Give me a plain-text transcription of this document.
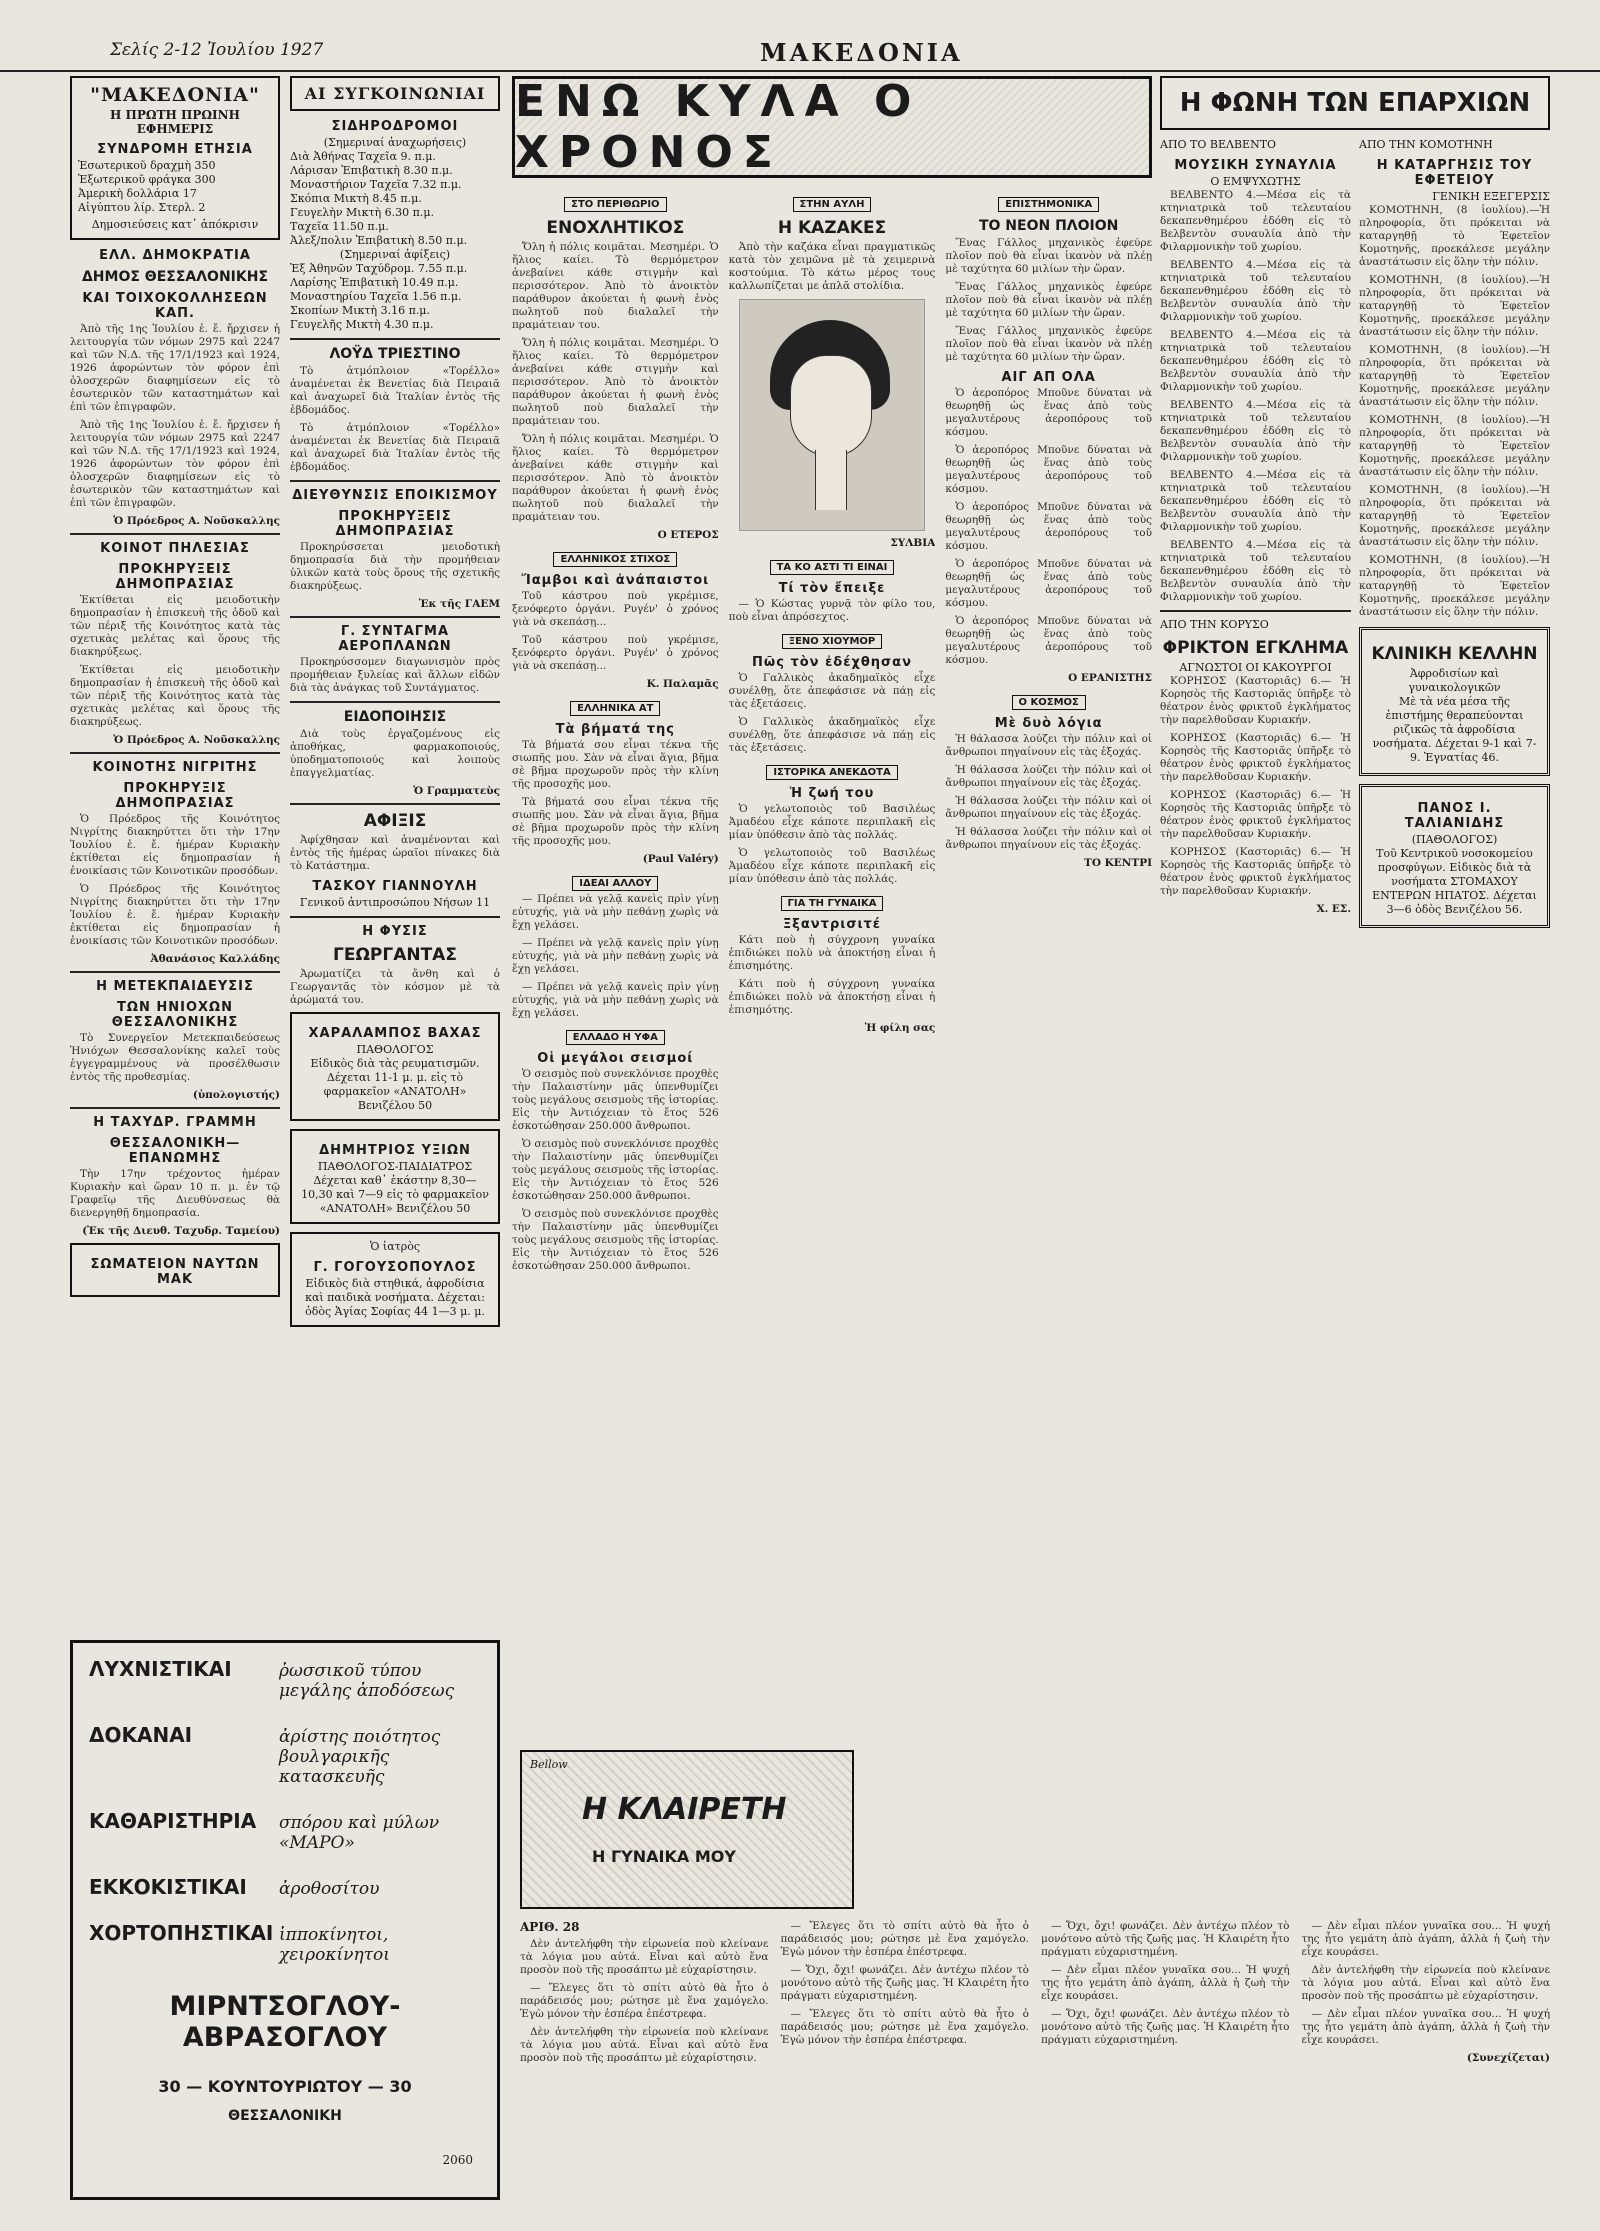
Σελίς 2-12 Ἰουλίου 1927	ΜΑΚΕΔΟΝΙΑ
"ΜΑΚΕΔΟΝΙΑ"
Η ΠΡΩΤΗ ΠΡΩΙΝΗ ΕΦΗΜΕΡΙΣ
ΣΥΝΔΡΟΜΗ ΕΤΗΣΙΑ
Ἐσωτερικοῦ δραχμὴ 350
Ἐξωτερικοῦ φράγκα 300
Ἀμερικὴ δολλάρια 17
Αἰγύπτου λίρ. Στερλ. 2
Δημοσιεύσεις κατ᾽ ἀπόκρισιν
ΕΛΛ. ΔΗΜΟΚΡΑΤΙΑ
ΔΗΜΟΣ ΘΕΣΣΑΛΟΝΙΚΗΣ
ΚΑΙ ΤΟΙΧΟΚΟΛΛΗΣΕΩΝ ΚΑΠ.

Ἀπὸ τῆς 1ης Ἰουλίου ἐ. ἔ. ἤρχισεν ἡ λειτουργία τῶν νόμων 2975 καὶ 2247 καὶ τῶν Ν.Δ. τῆς 17/1/1923 καὶ 1924, 1926 ἀφορώντων τὸν φόρον ἐπὶ ὁλοσχερῶν διαφημίσεων εἰς τὸ ἐσωτερικὸν τῶν καταστημάτων καὶ ἐπὶ τῶν ἐπιγραφῶν.

Ἀπὸ τῆς 1ης Ἰουλίου ἐ. ἔ. ἤρχισεν ἡ λειτουργία τῶν νόμων 2975 καὶ 2247 καὶ τῶν Ν.Δ. τῆς 17/1/1923 καὶ 1924, 1926 ἀφορώντων τὸν φόρον ἐπὶ ὁλοσχερῶν διαφημίσεων εἰς τὸ ἐσωτερικὸν τῶν καταστημάτων καὶ ἐπὶ τῶν ἐπιγραφῶν.

Ὁ Πρόεδρος Α. Νοῦσκαλλης
ΚΟΙΝΟΤ ΠΗΛΕΣΙΑΣ
ΠΡΟΚΗΡΥΞΕΙΣ ΔΗΜΟΠΡΑΣΙΑΣ

Ἐκτίθεται εἰς μειοδοτικὴν δημοπρασίαν ἡ ἐπισκευὴ τῆς ὁδοῦ καὶ τῶν πέριξ τῆς Κοινότητος κατὰ τὰς σχετικὰς μελέτας καὶ ὅρους τῆς διακηρύξεως.

Ἐκτίθεται εἰς μειοδοτικὴν δημοπρασίαν ἡ ἐπισκευὴ τῆς ὁδοῦ καὶ τῶν πέριξ τῆς Κοινότητος κατὰ τὰς σχετικὰς μελέτας καὶ ὅρους τῆς διακηρύξεως.

Ὁ Πρόεδρος Α. Νοῦσκαλλης
ΚΟΙΝΟΤΗΣ ΝΙΓΡΙΤΗΣ
ΠΡΟΚΗΡΥΞΙΣ ΔΗΜΟΠΡΑΣΙΑΣ

Ὁ Πρόεδρος τῆς Κοινότητος Νιγρίτης διακηρύττει ὅτι τὴν 17ην Ἰουλίου ἐ. ἔ. ἡμέραν Κυριακὴν ἐκτίθεται εἰς δημοπρασίαν ἡ ἐνοικίασις τῶν Κοινοτικῶν προσόδων.

Ὁ Πρόεδρος τῆς Κοινότητος Νιγρίτης διακηρύττει ὅτι τὴν 17ην Ἰουλίου ἐ. ἔ. ἡμέραν Κυριακὴν ἐκτίθεται εἰς δημοπρασίαν ἡ ἐνοικίασις τῶν Κοινοτικῶν προσόδων.

Ἀθανάσιος Καλλάδης
Η ΜΕΤΕΚΠΑΙΔΕΥΣΙΣ
ΤΩΝ ΗΝΙΟΧΩΝ ΘΕΣΣΑΛΟΝΙΚΗΣ

Τὸ Συνεργεῖον Μετεκπαιδεύσεως Ἡνιόχων Θεσσαλονίκης καλεῖ τοὺς ἐγγεγραμμένους νὰ προσέλθωσιν ἐντὸς τῆς προθεσμίας.

(ὑπολογιστής)
Η ΤΑΧΥΔΡ. ΓΡΑΜΜΗ
ΘΕΣΣΑΛΟΝΙΚΗ—ΕΠΑΝΩΜΗΣ

Τὴν 17ην τρέχοντος ἡμέραν Κυριακὴν καὶ ὥραν 10 π. μ. ἐν τῷ Γραφεῖῳ τῆς Διευθύνσεως θὰ διενεργηθῇ δημοπρασία.

(Ἐκ τῆς Διευθ. Ταχυδρ. Ταμείου)
ΣΩΜΑΤΕΙΟΝ ΝΑΥΤΩΝ ΜΑΚ
ΑΙ ΣΥΓΚΟΙΝΩΝΙΑΙ
ΣΙΔΗΡΟΔΡΟΜΟΙ
(Σημεριναί ἀναχωρήσεις)
Διὰ Ἀθήνας Ταχεῖα 9. π.μ.
Λάρισαν Ἐπιβατικὴ 8.30 π.μ.
Μοναστήριον Ταχεῖα 7.32 π.μ.
Σκόπια Μικτὴ 8.45 π.μ.
Γευγελὴν Μικτὴ 6.30 π.μ.
Ταχεῖα 11.50 π.μ.
Ἀλεξ/πολιν Ἐπιβατικὴ 8.50 π.μ.
(Σημεριναί ἀφίξεις)
Ἐξ Ἀθηνῶν Ταχύδρομ. 7.55 π.μ.
Λαρίσης Ἐπιβατικὴ 10.49 π.μ.
Μοναστηρίου Ταχεῖα 1.56 π.μ.
Σκοπίων Μικτὴ 3.16 π.μ.
Γευγελῆς Μικτὴ 4.30 π.μ.
ΛΟΫΔ ΤΡΙΕΣΤΙΝΟ

Τὸ ἀτμόπλοιον «Τορέλλο» ἀναμένεται ἐκ Βενετίας διὰ Πειραιᾶ καὶ ἀναχωρεῖ διὰ Ἰταλίαν ἐντὸς τῆς ἑβδομάδος.

Τὸ ἀτμόπλοιον «Τορέλλο» ἀναμένεται ἐκ Βενετίας διὰ Πειραιᾶ καὶ ἀναχωρεῖ διὰ Ἰταλίαν ἐντὸς τῆς ἑβδομάδος.

ΔΙΕΥΘΥΝΣΙΣ ΕΠΟΙΚΙΣΜΟΥ
ΠΡΟΚΗΡΥΞΕΙΣ ΔΗΜΟΠΡΑΣΙΑΣ

Προκηρύσσεται μειοδοτικὴ δημοπρασία διὰ τὴν προμήθειαν ὑλικῶν κατὰ τοὺς ὅρους τῆς σχετικῆς διακηρύξεως.

Ἐκ τῆς ΓΑΕΜ
Γ. ΣΥΝΤΑΓΜΑ ΑΕΡΟΠΛΑΝΩΝ

Προκηρύσσομεν διαγωνισμὸν πρὸς προμήθειαν ξυλείας καὶ ἄλλων εἰδῶν διὰ τὰς ἀνάγκας τοῦ Συντάγματος.

ΕΙΔΟΠΟΙΗΣΙΣ

Διὰ τοὺς ἐργαζομένους εἰς ἀποθήκας, φαρμακοποιούς, ὑποδηματοποιούς καὶ λοιποὺς ἐπαγγελματίας.

Ὁ Γραμματεὺς
ΑΦΙΞΙΣ

Ἀφίχθησαν καὶ ἀναμένονται καὶ ἐντὸς τῆς ἡμέρας ὡραῖοι πίνακες διὰ τὸ Κατάστημα.

ΤΑΣΚΟΥ ΓΙΑΝΝΟΥΛΗ
Γενικοῦ ἀντιπροσώπου Νήσων 11
Η ΦΥΣΙΣ
ΓΕΩΡΓΑΝΤΑΣ

Ἀρωματίζει τὰ ἄνθη καὶ ὁ Γεωργαντᾶς τὸν κόσμον μὲ τὰ ἀρώματά του.

ΧΑΡΑΛΑΜΠΟΣ ΒΑΧΑΣ
ΠΑΘΟΛΟΓΟΣ
Εἰδικὸς διὰ τὰς ρευματισμῶν. Δέχεται 11-1 μ. μ. εἰς τὸ φαρμακεῖον «ΑΝΑΤΟΛΗ» Βενιζέλου 50
ΔΗΜΗΤΡΙΟΣ ΥΞΙΩΝ
ΠΑΘΟΛΟΓΟΣ-ΠΑΙΔΙΑΤΡΟΣ
Δέχεται καθ᾽ ἑκάστην 8,30—10,30 καὶ 7—9 εἰς τὸ φαρμακεῖον «ΑΝΑΤΟΛΗ» Βενιζέλου 50
Ὁ ἰατρὸς
Γ. ΓΟΓΟΥΣΟΠΟΥΛΟΣ
Εἰδικὸς διὰ στηθικά, ἀφροδίσια καὶ παιδικὰ νοσήματα. Δέχεται: ὁδὸς Ἁγίας Σοφίας 44 1—3 μ. μ.
ΕΝΩ ΚΥΛΑ Ο ΧΡΟΝΟΣ
ΣΤΟ ΠΕΡΙΘΩΡΙΟ
ΕΝΟΧΛΗΤΙΚΟΣ

Ὄλη ἡ πόλις κοιμᾶται. Μεσημέρι. Ὁ ἥλιος καίει. Τὸ θερμόμετρον ἀνεβαίνει κάθε στιγμὴν καὶ περισσότερον. Ἀπὸ τὸ ἀνοικτὸν παράθυρον ἀκούεται ἡ φωνὴ ἑνὸς πωλητοῦ ποὺ διαλαλεῖ τὴν πραμάτειαν του.

Ὄλη ἡ πόλις κοιμᾶται. Μεσημέρι. Ὁ ἥλιος καίει. Τὸ θερμόμετρον ἀνεβαίνει κάθε στιγμὴν καὶ περισσότερον. Ἀπὸ τὸ ἀνοικτὸν παράθυρον ἀκούεται ἡ φωνὴ ἑνὸς πωλητοῦ ποὺ διαλαλεῖ τὴν πραμάτειαν του.

Ὄλη ἡ πόλις κοιμᾶται. Μεσημέρι. Ὁ ἥλιος καίει. Τὸ θερμόμετρον ἀνεβαίνει κάθε στιγμὴν καὶ περισσότερον. Ἀπὸ τὸ ἀνοικτὸν παράθυρον ἀκούεται ἡ φωνὴ ἑνὸς πωλητοῦ ποὺ διαλαλεῖ τὴν πραμάτειαν του.

Ο ΕΤΕΡΟΣ
ΕΛΛΗΝΙΚΟΣ ΣΤΙΧΟΣ
Ἴαμβοι καὶ ἀνάπαιστοι

Τοῦ κάστρου ποὺ γκρέμισε, ξενόφερτο ὀργάνι. Ρυγέν' ὁ χρόνος γιὰ νὰ σκεπάσῃ...

Τοῦ κάστρου ποὺ γκρέμισε, ξενόφερτο ὀργάνι. Ρυγέν' ὁ χρόνος γιὰ νὰ σκεπάσῃ...

Κ. Παλαμᾶς
ΕΛΛΗΝΙΚΑ ΑΤ
Τὰ βήματά της

Τὰ βήματά σου εἶναι τέκνα τῆς σιωπῆς μου. Σὰν νὰ εἶναι ἅγια, βῆμα σὲ βῆμα προχωροῦν πρὸς τὴν κλίνη τῆς προσοχῆς μου.

Τὰ βήματά σου εἶναι τέκνα τῆς σιωπῆς μου. Σὰν νὰ εἶναι ἅγια, βῆμα σὲ βῆμα προχωροῦν πρὸς τὴν κλίνη τῆς προσοχῆς μου.

(Paul Valéry)
ΙΔΕΑΙ ΑΛΛΟΥ

— Πρέπει νὰ γελᾷ κανεὶς πρὶν γίνῃ εὐτυχής, γιὰ νὰ μὴν πεθάνῃ χωρὶς νὰ ἔχῃ γελάσει.

— Πρέπει νὰ γελᾷ κανεὶς πρὶν γίνῃ εὐτυχής, γιὰ νὰ μὴν πεθάνῃ χωρὶς νὰ ἔχῃ γελάσει.

— Πρέπει νὰ γελᾷ κανεὶς πρὶν γίνῃ εὐτυχής, γιὰ νὰ μὴν πεθάνῃ χωρὶς νὰ ἔχῃ γελάσει.

ΕΛΛΑΔΟ Η ΥΦΑ
Οἱ μεγάλοι σεισμοί

Ὁ σεισμὸς ποὺ συνεκλόνισε προχθὲς τὴν Παλαιστίνην μᾶς ὑπενθυμίζει τοὺς μεγάλους σεισμοὺς τῆς ἱστορίας. Εἰς τὴν Ἀντιόχειαν τὸ ἔτος 526 ἐσκοτώθησαν 250.000 ἄνθρωποι.

Ὁ σεισμὸς ποὺ συνεκλόνισε προχθὲς τὴν Παλαιστίνην μᾶς ὑπενθυμίζει τοὺς μεγάλους σεισμοὺς τῆς ἱστορίας. Εἰς τὴν Ἀντιόχειαν τὸ ἔτος 526 ἐσκοτώθησαν 250.000 ἄνθρωποι.

Ὁ σεισμὸς ποὺ συνεκλόνισε προχθὲς τὴν Παλαιστίνην μᾶς ὑπενθυμίζει τοὺς μεγάλους σεισμοὺς τῆς ἱστορίας. Εἰς τὴν Ἀντιόχειαν τὸ ἔτος 526 ἐσκοτώθησαν 250.000 ἄνθρωποι.

ΣΤΗΝ ΑΥΛΗ
Η ΚΑΖΑΚΕΣ

Ἀπὸ τὴν καζάκα εἶναι πραγματικῶς κατὰ τὸν χειμῶνα μὲ τὰ χειμερινὰ κοστούμια. Τὸ κάτω μέρος τους καλλωπίζεται με ἀπλᾶ στολίδια.

ΣΥΛΒΙΑ
ΤΑ ΚΟ ΑΣΤΙ ΤΙ ΕΙΝΑΙ
Τί τὸν ἔπειξε

— Ὁ Κώστας γυρνᾷ τὸν φίλο του, ποὺ εἶναι ἀπρόσεχτος.

ΞΕΝΟ ΧΙΟΥΜΟΡ
Πῶς τὸν ἐδέχθησαν

Ὁ Γαλλικὸς ἀκαδημαϊκὸς εἶχε συνέλθῃ, ὅτε ἀπεφάσισε νὰ πάῃ εἰς τὰς ἐξετάσεις.

Ὁ Γαλλικὸς ἀκαδημαϊκὸς εἶχε συνέλθῃ, ὅτε ἀπεφάσισε νὰ πάῃ εἰς τὰς ἐξετάσεις.

ΙΣΤΟΡΙΚΑ ΑΝΕΚΔΟΤΑ
Ἡ ζωή του

Ὁ γελωτοποιὸς τοῦ Βασιλέως Ἀμαδέου εἶχε κάποτε περιπλακῆ εἰς μίαν ὑπόθεσιν ἀπὸ τὰς πολλάς.

Ὁ γελωτοποιὸς τοῦ Βασιλέως Ἀμαδέου εἶχε κάποτε περιπλακῆ εἰς μίαν ὑπόθεσιν ἀπὸ τὰς πολλάς.

ΓΙΑ ΤΗ ΓΥΝΑΙΚΑ
Ξξαντρισιτέ

Κάτι ποὺ ἡ σύγχρονη γυναίκα ἐπιδιώκει πολὺ νὰ ἀποκτήσῃ εἶναι ἡ ἐπισημότης.

Κάτι ποὺ ἡ σύγχρονη γυναίκα ἐπιδιώκει πολὺ νὰ ἀποκτήσῃ εἶναι ἡ ἐπισημότης.

Ἡ φίλη σας
ΕΠΙΣΤΗΜΟΝΙΚΑ
ΤΟ ΝΕΟΝ ΠΛΟΙΟΝ

Ἕνας Γάλλος μηχανικὸς ἐφεύρε πλοῖον ποὺ θὰ εἶναι ἱκανὸν νὰ πλέῃ μὲ ταχύτητα 60 μιλίων τὴν ὥραν.

Ἕνας Γάλλος μηχανικὸς ἐφεύρε πλοῖον ποὺ θὰ εἶναι ἱκανὸν νὰ πλέῃ μὲ ταχύτητα 60 μιλίων τὴν ὥραν.

Ἕνας Γάλλος μηχανικὸς ἐφεύρε πλοῖον ποὺ θὰ εἶναι ἱκανὸν νὰ πλέῃ μὲ ταχύτητα 60 μιλίων τὴν ὥραν.

ΑΙΓ ΑΠ ΟΛΑ

Ὁ ἀεροπόρος Μποῦνε δύναται νὰ θεωρηθῇ ὡς ἕνας ἀπὸ τοὺς μεγαλυτέρους ἀεροπόρους τοῦ κόσμου.

Ὁ ἀεροπόρος Μποῦνε δύναται νὰ θεωρηθῇ ὡς ἕνας ἀπὸ τοὺς μεγαλυτέρους ἀεροπόρους τοῦ κόσμου.

Ὁ ἀεροπόρος Μποῦνε δύναται νὰ θεωρηθῇ ὡς ἕνας ἀπὸ τοὺς μεγαλυτέρους ἀεροπόρους τοῦ κόσμου.

Ὁ ἀεροπόρος Μποῦνε δύναται νὰ θεωρηθῇ ὡς ἕνας ἀπὸ τοὺς μεγαλυτέρους ἀεροπόρους τοῦ κόσμου.

Ὁ ἀεροπόρος Μποῦνε δύναται νὰ θεωρηθῇ ὡς ἕνας ἀπὸ τοὺς μεγαλυτέρους ἀεροπόρους τοῦ κόσμου.

Ο ΕΡΑΝΙΣΤΗΣ
Ο ΚΟΣΜΟΣ
Μὲ δυὸ λόγια

Ἡ θάλασσα λούζει τὴν πόλιν καὶ οἱ ἄνθρωποι πηγαίνουν εἰς τὰς ἐξοχάς.

Ἡ θάλασσα λούζει τὴν πόλιν καὶ οἱ ἄνθρωποι πηγαίνουν εἰς τὰς ἐξοχάς.

Ἡ θάλασσα λούζει τὴν πόλιν καὶ οἱ ἄνθρωποι πηγαίνουν εἰς τὰς ἐξοχάς.

Ἡ θάλασσα λούζει τὴν πόλιν καὶ οἱ ἄνθρωποι πηγαίνουν εἰς τὰς ἐξοχάς.

ΤΟ ΚΕΝΤΡΙ
Η ΦΩΝΗ ΤΩΝ ΕΠΑΡΧΙΩΝ
ΑΠΟ ΤΟ ΒΕΛΒΕΝΤΟ
ΜΟΥΣΙΚΗ ΣΥΝΑΥΛΙΑ
Ο ΕΜΨΥΧΩΤΗΣ

ΒΕΛΒΕΝΤΟ 4.—Μέσα εἰς τὰ κτηνιατρικὰ τοῦ τελευταίου δεκαπενθημέρου ἐδόθη εἰς τὸ Βελβεντὸν συναυλία ἀπὸ τὴν Φιλαρμονικὴν τοῦ χωρίου.

ΒΕΛΒΕΝΤΟ 4.—Μέσα εἰς τὰ κτηνιατρικὰ τοῦ τελευταίου δεκαπενθημέρου ἐδόθη εἰς τὸ Βελβεντὸν συναυλία ἀπὸ τὴν Φιλαρμονικὴν τοῦ χωρίου.

ΒΕΛΒΕΝΤΟ 4.—Μέσα εἰς τὰ κτηνιατρικὰ τοῦ τελευταίου δεκαπενθημέρου ἐδόθη εἰς τὸ Βελβεντὸν συναυλία ἀπὸ τὴν Φιλαρμονικὴν τοῦ χωρίου.

ΒΕΛΒΕΝΤΟ 4.—Μέσα εἰς τὰ κτηνιατρικὰ τοῦ τελευταίου δεκαπενθημέρου ἐδόθη εἰς τὸ Βελβεντὸν συναυλία ἀπὸ τὴν Φιλαρμονικὴν τοῦ χωρίου.

ΒΕΛΒΕΝΤΟ 4.—Μέσα εἰς τὰ κτηνιατρικὰ τοῦ τελευταίου δεκαπενθημέρου ἐδόθη εἰς τὸ Βελβεντὸν συναυλία ἀπὸ τὴν Φιλαρμονικὴν τοῦ χωρίου.

ΒΕΛΒΕΝΤΟ 4.—Μέσα εἰς τὰ κτηνιατρικὰ τοῦ τελευταίου δεκαπενθημέρου ἐδόθη εἰς τὸ Βελβεντὸν συναυλία ἀπὸ τὴν Φιλαρμονικὴν τοῦ χωρίου.

ΑΠΟ ΤΗΝ ΚΟΡΥΣΟ
ΦΡΙΚΤΟΝ ΕΓΚΛΗΜΑ
ΑΓΝΩΣΤΟΙ ΟΙ ΚΑΚΟΥΡΓΟΙ

ΚΟΡΗΣΟΣ (Καστοριᾶς) 6.— Ἡ Κορησὸς τῆς Καστοριᾶς ὑπῆρξε τὸ θέατρον ἑνὸς φρικτοῦ ἐγκλήματος τὴν παρελθοῦσαν Κυριακήν.

ΚΟΡΗΣΟΣ (Καστοριᾶς) 6.— Ἡ Κορησὸς τῆς Καστοριᾶς ὑπῆρξε τὸ θέατρον ἑνὸς φρικτοῦ ἐγκλήματος τὴν παρελθοῦσαν Κυριακήν.

ΚΟΡΗΣΟΣ (Καστοριᾶς) 6.— Ἡ Κορησὸς τῆς Καστοριᾶς ὑπῆρξε τὸ θέατρον ἑνὸς φρικτοῦ ἐγκλήματος τὴν παρελθοῦσαν Κυριακήν.

ΚΟΡΗΣΟΣ (Καστοριᾶς) 6.— Ἡ Κορησὸς τῆς Καστοριᾶς ὑπῆρξε τὸ θέατρον ἑνὸς φρικτοῦ ἐγκλήματος τὴν παρελθοῦσαν Κυριακήν.

Χ. ΕΣ.
ΑΠΟ ΤΗΝ ΚΟΜΟΤΗΝΗ
Η ΚΑΤΑΡΓΗΣΙΣ ΤΟΥ ΕΦΕΤΕΙΟΥ
ΓΕΝΙΚΗ ΕΞΕΓΕΡΣΙΣ

ΚΟΜΟΤΗΝΗ, (8 ἰουλίου).—Ἡ πληροφορία, ὅτι πρόκειται νὰ καταργηθῇ τὸ Ἐφετεῖον Κομοτηνῆς, προεκάλεσε μεγάλην ἀναστάτωσιν εἰς ὅλην τὴν πόλιν.

ΚΟΜΟΤΗΝΗ, (8 ἰουλίου).—Ἡ πληροφορία, ὅτι πρόκειται νὰ καταργηθῇ τὸ Ἐφετεῖον Κομοτηνῆς, προεκάλεσε μεγάλην ἀναστάτωσιν εἰς ὅλην τὴν πόλιν.

ΚΟΜΟΤΗΝΗ, (8 ἰουλίου).—Ἡ πληροφορία, ὅτι πρόκειται νὰ καταργηθῇ τὸ Ἐφετεῖον Κομοτηνῆς, προεκάλεσε μεγάλην ἀναστάτωσιν εἰς ὅλην τὴν πόλιν.

ΚΟΜΟΤΗΝΗ, (8 ἰουλίου).—Ἡ πληροφορία, ὅτι πρόκειται νὰ καταργηθῇ τὸ Ἐφετεῖον Κομοτηνῆς, προεκάλεσε μεγάλην ἀναστάτωσιν εἰς ὅλην τὴν πόλιν.

ΚΟΜΟΤΗΝΗ, (8 ἰουλίου).—Ἡ πληροφορία, ὅτι πρόκειται νὰ καταργηθῇ τὸ Ἐφετεῖον Κομοτηνῆς, προεκάλεσε μεγάλην ἀναστάτωσιν εἰς ὅλην τὴν πόλιν.

ΚΟΜΟΤΗΝΗ, (8 ἰουλίου).—Ἡ πληροφορία, ὅτι πρόκειται νὰ καταργηθῇ τὸ Ἐφετεῖον Κομοτηνῆς, προεκάλεσε μεγάλην ἀναστάτωσιν εἰς ὅλην τὴν πόλιν.

ΚΛΙΝΙΚΗ ΚΕΛΛΗΝ
Ἀφροδισίων καὶ γυναικολογικῶν
Μὲ τὰ νέα μέσα τῆς ἐπιστήμης θεραπεύονται ριζικῶς τὰ ἀφροδίσια νοσήματα. Δέχεται 9-1 καὶ 7-9. Ἐγνατίας 46.
ΠΑΝΟΣ Ι. ΤΑΛΙΑΝΙΔΗΣ
(ΠΑΘΟΛΟΓΟΣ)
Τοῦ Κεντρικοῦ νοσοκομείου προσφύγων. Εἰδικὸς διὰ τὰ νοσήματα ΣΤΟΜΑΧΟΥ ΕΝΤΕΡΩΝ ΗΠΑΤΟΣ. Δέχεται 3—6 ὁδὸς Βενιζέλου 56.
ΛΥΧΝΙΣΤΙΚΑΙ	ῥωσσικοῦ τύπου μεγάλης ἀποδόσεως
ΔΟΚΑΝΑΙ	ἀρίστης ποιότητος βουλγαρικῆς κατασκευῆς
ΚΑΘΑΡΙΣΤΗΡΙΑ	σπόρου καὶ μύλων «ΜΑΡΟ»
ΕΚΚΟΚΙΣΤΙΚΑΙ	ἀροθοσίτου
ΧΟΡΤΟΠΗΣΤΙΚΑΙ ἱπποκίνητοι, χειροκίνητοι
ΜΙΡΝΤΣΟΓΛΟΥ-ΑΒΡΑΣΟΓΛΟΥ
30 — ΚΟΥΝΤΟΥΡΙΩΤΟΥ — 30
ΘΕΣΣΑΛΟΝΙΚΗ
2060
Bellow
Η ΚΛΑΙΡΕΤΗ
Η ΓΥΝΑΙΚΑ ΜΟΥ
ΑΡΙΘ. 28

Δὲν ἀντελήφθη τὴν εἰρωνεία ποὺ κλείνανε τὰ λόγια μου αὐτά. Εἶναι καὶ αὐτὸ ἕνα προσὸν ποὺ τῆς προσάπτω μὲ εὐχαρίστησιν.

— Ἔλεγες ὅτι τὸ σπίτι αὐτὸ θὰ ἦτο ὁ παράδεισός μου; ρώτησε μὲ ἕνα χαμόγελο. Ἐγὼ μόνον τὴν ἐσπέρα ἐπέστρεφα.

Δὲν ἀντελήφθη τὴν εἰρωνεία ποὺ κλείνανε τὰ λόγια μου αὐτά. Εἶναι καὶ αὐτὸ ἕνα προσὸν ποὺ τῆς προσάπτω μὲ εὐχαρίστησιν.

— Ἔλεγες ὅτι τὸ σπίτι αὐτὸ θὰ ἦτο ὁ παράδεισός μου; ρώτησε μὲ ἕνα χαμόγελο. Ἐγὼ μόνον τὴν ἐσπέρα ἐπέστρεφα.

— Ὄχι, ὄχι! φωνάζει. Δὲν ἀντέχω πλέον τὸ μονότονο αὐτὸ τῆς ζωῆς μας. Ἡ Κλαιρέτη ἦτο πράγματι εὐχαριστημένη.

— Ἔλεγες ὅτι τὸ σπίτι αὐτὸ θὰ ἦτο ὁ παράδεισός μου; ρώτησε μὲ ἕνα χαμόγελο. Ἐγὼ μόνον τὴν ἐσπέρα ἐπέστρεφα.

— Ὄχι, ὄχι! φωνάζει. Δὲν ἀντέχω πλέον τὸ μονότονο αὐτὸ τῆς ζωῆς μας. Ἡ Κλαιρέτη ἦτο πράγματι εὐχαριστημένη.

— Δὲν εἶμαι πλέον γυναῖκα σου... Ἡ ψυχή της ἦτο γεμάτη ἀπὸ ἀγάπη, ἀλλὰ ἡ ζωὴ τὴν εἶχε κουράσει.

— Ὄχι, ὄχι! φωνάζει. Δὲν ἀντέχω πλέον τὸ μονότονο αὐτὸ τῆς ζωῆς μας. Ἡ Κλαιρέτη ἦτο πράγματι εὐχαριστημένη.

— Δὲν εἶμαι πλέον γυναῖκα σου... Ἡ ψυχή της ἦτο γεμάτη ἀπὸ ἀγάπη, ἀλλὰ ἡ ζωὴ τὴν εἶχε κουράσει.

Δὲν ἀντελήφθη τὴν εἰρωνεία ποὺ κλείνανε τὰ λόγια μου αὐτά. Εἶναι καὶ αὐτὸ ἕνα προσὸν ποὺ τῆς προσάπτω μὲ εὐχαρίστησιν.

— Δὲν εἶμαι πλέον γυναῖκα σου... Ἡ ψυχή της ἦτο γεμάτη ἀπὸ ἀγάπη, ἀλλὰ ἡ ζωὴ τὴν εἶχε κουράσει.

(Συνεχίζεται)
